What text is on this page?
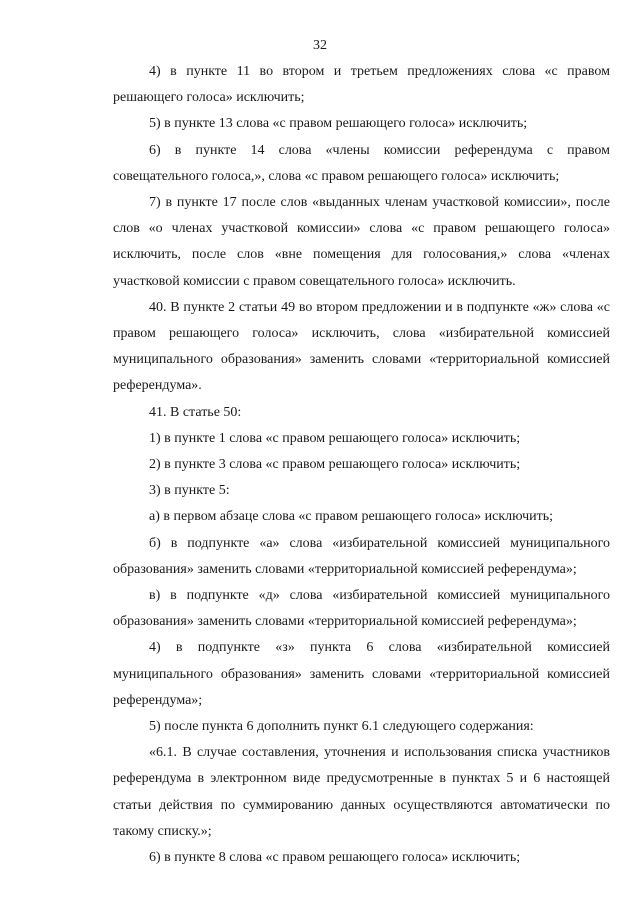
32

4) в пункте 11 во втором и третьем предложениях слова «с правом решающего голоса» исключить;

5) в пункте 13 слова «с правом решающего голоса» исключить;

6) в пункте 14 слова «члены комиссии референдума с правом совещательного голоса,», слова «с правом решающего голоса» исключить;

7) в пункте 17 после слов «выданных членам участковой комиссии», после слов «о членах участковой комиссии» слова «с правом решающего голоса» исключить, после слов «вне помещения для голосования,» слова «членах участковой комиссии с правом совещательного голоса» исключить.

40. В пункте 2 статьи 49 во втором предложении и в подпункте «ж» слова «с правом решающего голоса» исключить, слова «избирательной комиссией муниципального образования» заменить словами «территориальной комиссией референдума».

41. В статье 50:

1) в пункте 1 слова «с правом решающего голоса» исключить;

2) в пункте 3 слова «с правом решающего голоса» исключить;

3) в пункте 5:

а) в первом абзаце слова «с правом решающего голоса» исключить;

б) в подпункте «а» слова «избирательной комиссией муниципального образования» заменить словами «территориальной комиссией референдума»;

в) в подпункте «д» слова «избирательной комиссией муниципального образования» заменить словами «территориальной комиссией референдума»;

4) в подпункте «з» пункта 6 слова «избирательной комиссией муниципального образования» заменить словами «территориальной комиссией референдума»;

5) после пункта 6 дополнить пункт 6.1 следующего содержания:

«6.1. В случае составления, уточнения и использования списка участников референдума в электронном виде предусмотренные в пунктах 5 и 6 настоящей статьи действия по суммированию данных осуществляются автоматически по такому списку.»;

6) в пункте 8 слова «с правом решающего голоса» исключить;
